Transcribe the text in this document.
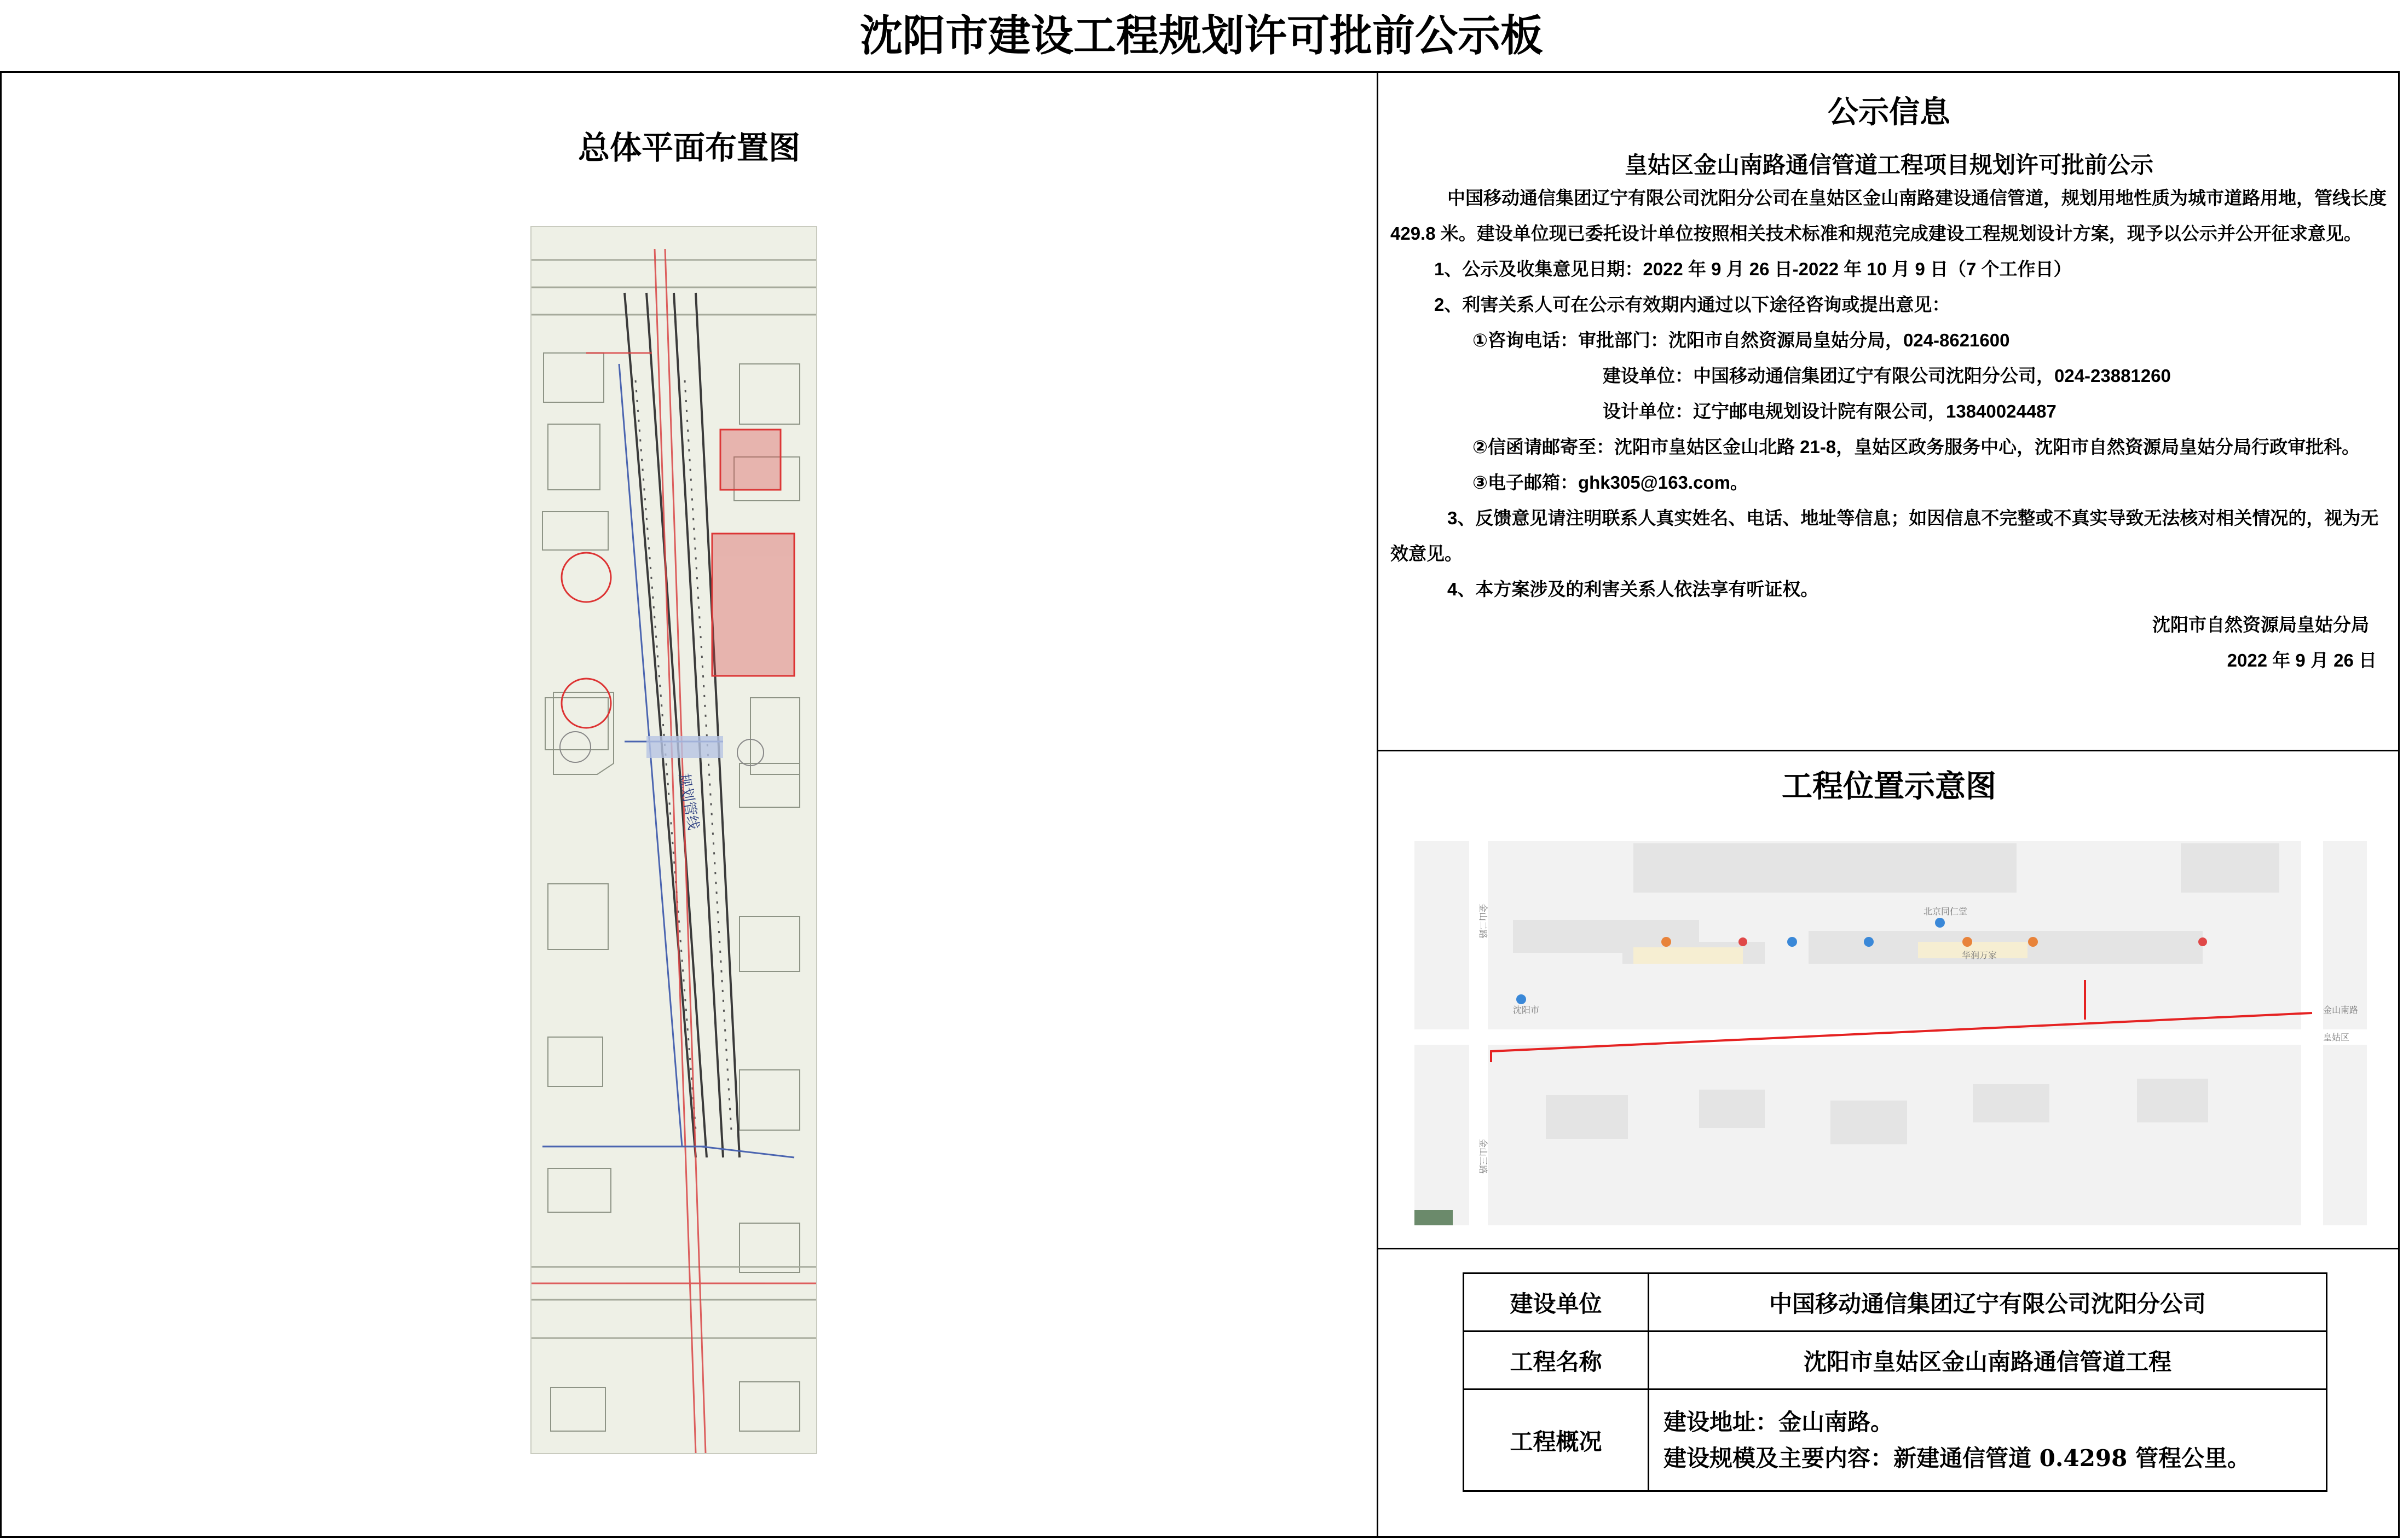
沈阳市建设工程规划许可批前公示板
总体平面布置图
规划管线
公示信息
皇姑区金山南路通信管道工程项目规划许可批前公示

中国移动通信集团辽宁有限公司沈阳分公司在皇姑区金山南路建设通信管道，规划用地性质为城市道路用地，管线长度 429.8 米。建设单位现已委托设计单位按照相关技术标准和规范完成建设工程规划设计方案，现予以公示并公开征求意见。

1、公示及收集意见日期：2022 年 9 月 26 日-2022 年 10 月 9 日（7 个工作日）

2、利害关系人可在公示有效期内通过以下途径咨询或提出意见：

①咨询电话：审批部门：沈阳市自然资源局皇姑分局，024-8621600

建设单位：中国移动通信集团辽宁有限公司沈阳分公司，024-23881260

设计单位：辽宁邮电规划设计院有限公司，13840024487

②信函请邮寄至：沈阳市皇姑区金山北路 21-8，皇姑区政务服务中心，沈阳市自然资源局皇姑分局行政审批科。

③电子邮箱：ghk305@163.com。

3、反馈意见请注明联系人真实姓名、电话、地址等信息；如因信息不完整或不真实导致无法核对相关情况的，视为无效意见。

4、本方案涉及的利害关系人依法享有听证权。

沈阳市自然资源局皇姑分局

2022 年 9 月 26 日

工程位置示意图
金山南路
皇姑区
北京同仁堂
华润万家
沈阳市
金山二路
金山三路
建设单位	中国移动通信集团辽宁有限公司沈阳分公司
工程名称	沈阳市皇姑区金山南路通信管道工程
工程概况	建设地址：金山南路。
建设规模及主要内容：新建通信管道 0.4298 管程公里。
